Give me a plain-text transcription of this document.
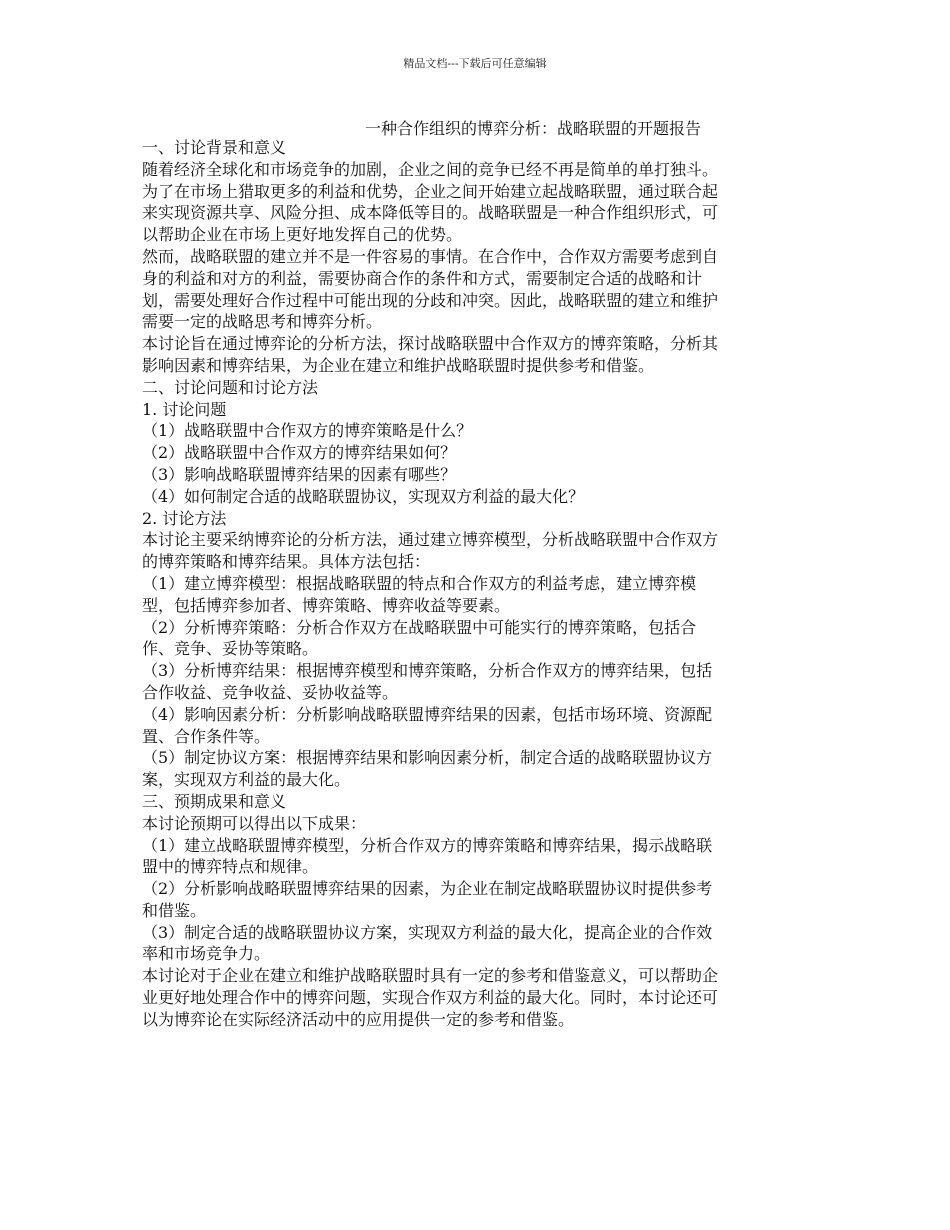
精品文档---下载后可任意编辑
一种合作组织的博弈分析：战略联盟的开题报告
一、讨论背景和意义
随着经济全球化和市场竞争的加剧，企业之间的竞争已经不再是简单的单打独斗。
为了在市场上猎取更多的利益和优势，企业之间开始建立起战略联盟，通过联合起
来实现资源共享、风险分担、成本降低等目的。战略联盟是一种合作组织形式，可
以帮助企业在市场上更好地发挥自己的优势。
然而，战略联盟的建立并不是一件容易的事情。在合作中，合作双方需要考虑到自
身的利益和对方的利益，需要协商合作的条件和方式，需要制定合适的战略和计
划，需要处理好合作过程中可能出现的分歧和冲突。因此，战略联盟的建立和维护
需要一定的战略思考和博弈分析。
本讨论旨在通过博弈论的分析方法，探讨战略联盟中合作双方的博弈策略，分析其
影响因素和博弈结果，为企业在建立和维护战略联盟时提供参考和借鉴。
二、讨论问题和讨论方法
1. 讨论问题
（1）战略联盟中合作双方的博弈策略是什么？
（2）战略联盟中合作双方的博弈结果如何？
（3）影响战略联盟博弈结果的因素有哪些？
（4）如何制定合适的战略联盟协议，实现双方利益的最大化？
2. 讨论方法
本讨论主要采纳博弈论的分析方法，通过建立博弈模型，分析战略联盟中合作双方
的博弈策略和博弈结果。具体方法包括：
（1）建立博弈模型：根据战略联盟的特点和合作双方的利益考虑，建立博弈模
型，包括博弈参加者、博弈策略、博弈收益等要素。
（2）分析博弈策略：分析合作双方在战略联盟中可能实行的博弈策略，包括合
作、竞争、妥协等策略。
（3）分析博弈结果：根据博弈模型和博弈策略，分析合作双方的博弈结果，包括
合作收益、竞争收益、妥协收益等。
（4）影响因素分析：分析影响战略联盟博弈结果的因素，包括市场环境、资源配
置、合作条件等。
（5）制定协议方案：根据博弈结果和影响因素分析，制定合适的战略联盟协议方
案，实现双方利益的最大化。
三、预期成果和意义
本讨论预期可以得出以下成果：
（1）建立战略联盟博弈模型，分析合作双方的博弈策略和博弈结果，揭示战略联
盟中的博弈特点和规律。
（2）分析影响战略联盟博弈结果的因素，为企业在制定战略联盟协议时提供参考
和借鉴。
（3）制定合适的战略联盟协议方案，实现双方利益的最大化，提高企业的合作效
率和市场竞争力。
本讨论对于企业在建立和维护战略联盟时具有一定的参考和借鉴意义，可以帮助企
业更好地处理合作中的博弈问题，实现合作双方利益的最大化。同时，本讨论还可
以为博弈论在实际经济活动中的应用提供一定的参考和借鉴。
